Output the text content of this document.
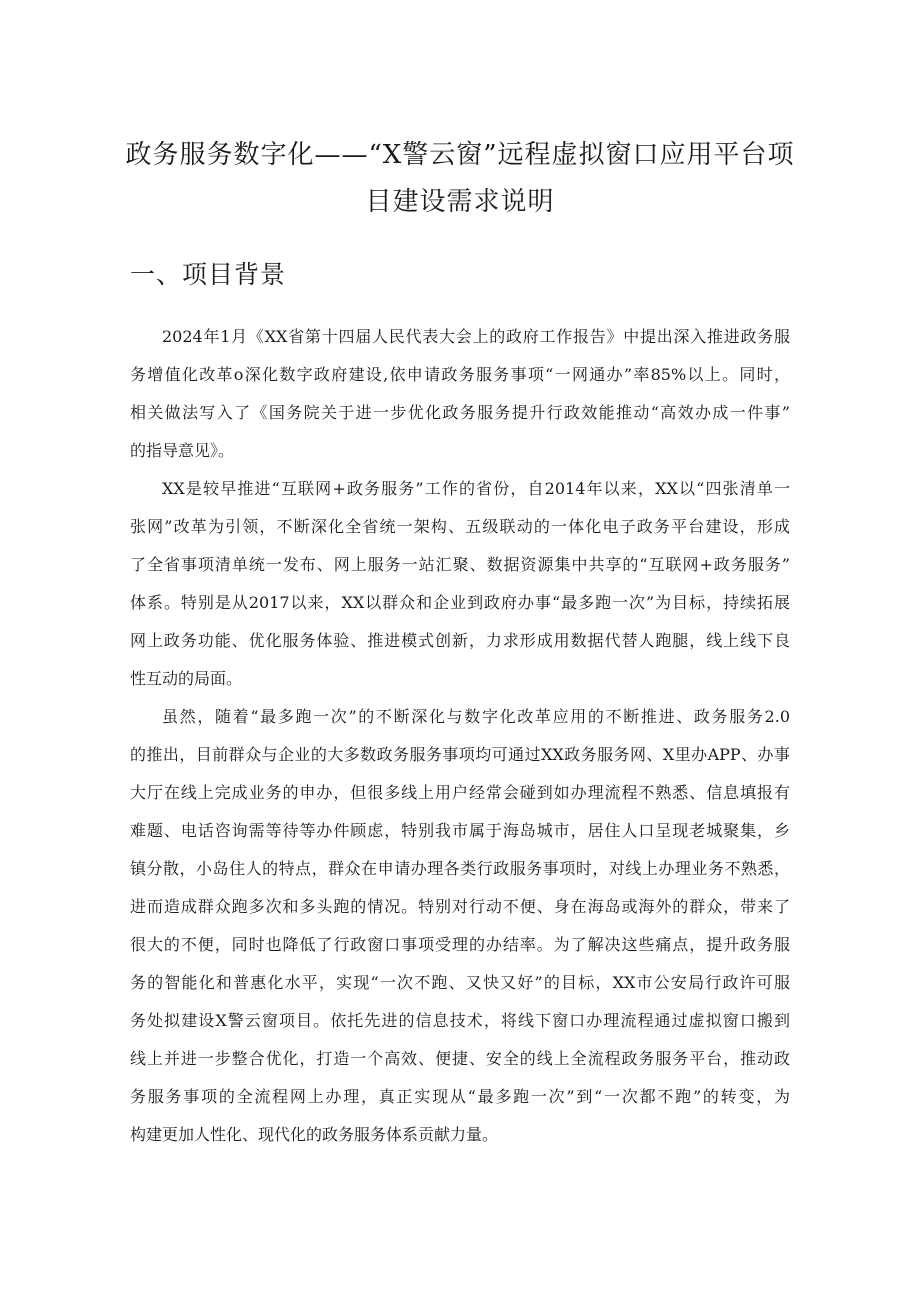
政务服务数字化——“X警云窗”远程虚拟窗口应用平台项
目建设需求说明
一、项目背景
2024年1月《XX省第十四届人民代表大会上的政府工作报告》中提出深入推进政务服
务增值化改革o深化数字政府建设,依申请政务服务事项“一网通办”率85%以上。同时，
相关做法写入了《国务院关于进一步优化政务服务提升行政效能推动“高效办成一件事”
的指导意见》。
XX是较早推进“互联网+政务服务”工作的省份，自2014年以来，XX以“四张清单一
张网”改革为引领，不断深化全省统一架构、五级联动的一体化电子政务平台建设，形成
了全省事项清单统一发布、网上服务一站汇聚、数据资源集中共享的“互联网+政务服务”
体系。特别是从2017以来，XX以群众和企业到政府办事“最多跑一次”为目标，持续拓展
网上政务功能、优化服务体验、推进模式创新，力求形成用数据代替人跑腿，线上线下良
性互动的局面。
虽然，随着“最多跑一次”的不断深化与数字化改革应用的不断推进、政务服务2.0
的推出，目前群众与企业的大多数政务服务事项均可通过XX政务服务网、X里办APP、办事
大厅在线上完成业务的申办，但很多线上用户经常会碰到如办理流程不熟悉、信息填报有
难题、电话咨询需等待等办件顾虑，特别我市属于海岛城市，居住人口呈现老城聚集，乡
镇分散，小岛住人的特点，群众在申请办理各类行政服务事项时，对线上办理业务不熟悉，
进而造成群众跑多次和多头跑的情况。特别对行动不便、身在海岛或海外的群众，带来了
很大的不便，同时也降低了行政窗口事项受理的办结率。为了解决这些痛点，提升政务服
务的智能化和普惠化水平，实现“一次不跑、又快又好”的目标，XX市公安局行政许可服
务处拟建设X警云窗项目。依托先进的信息技术，将线下窗口办理流程通过虚拟窗口搬到
线上并进一步整合优化，打造一个高效、便捷、安全的线上全流程政务服务平台，推动政
务服务事项的全流程网上办理，真正实现从“最多跑一次”到“一次都不跑”的转变，为
构建更加人性化、现代化的政务服务体系贡献力量。
